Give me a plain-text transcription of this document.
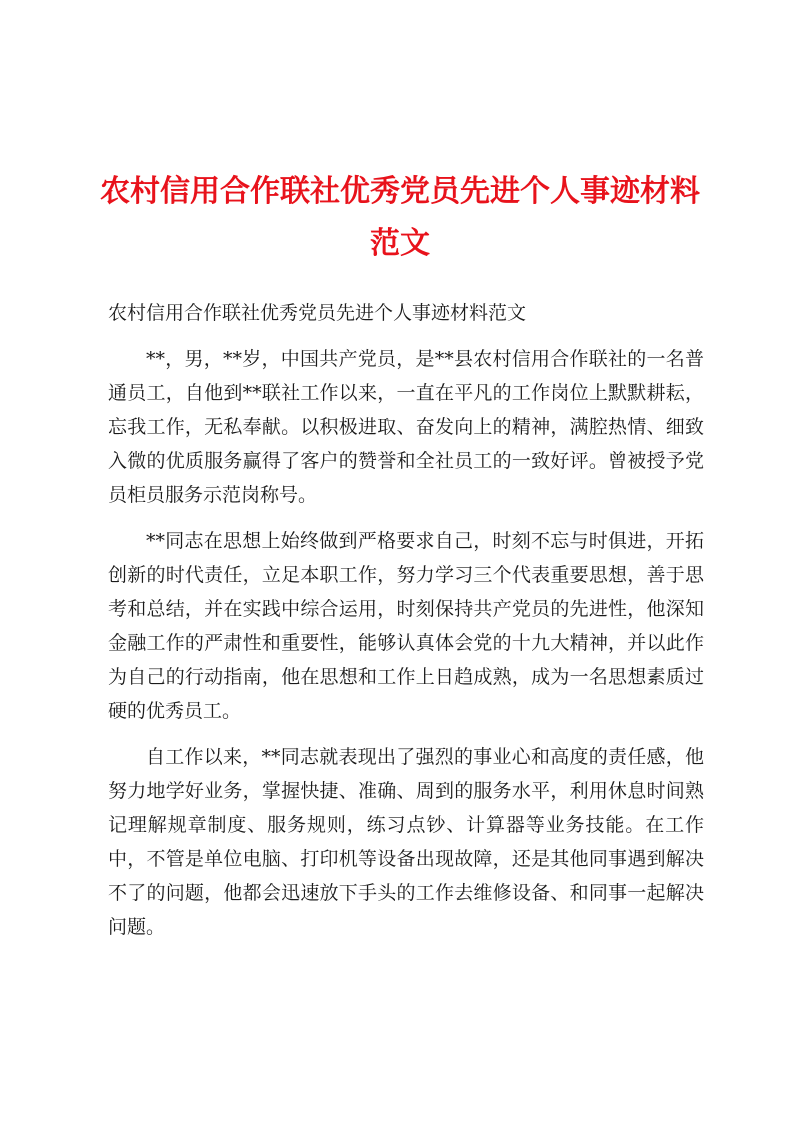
农村信用合作联社优秀党员先进个人事迹材料范文

农村信用合作联社优秀党员先进个人事迹材料范文

**，男，**岁，中国共产党员，是**县农村信用合作联社的一名普通员工，自他到**联社工作以来，一直在平凡的工作岗位上默默耕耘，忘我工作，无私奉献。以积极进取、奋发向上的精神，满腔热情、细致入微的优质服务赢得了客户的赞誉和全社员工的一致好评。曾被授予党员柜员服务示范岗称号。

**同志在思想上始终做到严格要求自己，时刻不忘与时俱进，开拓创新的时代责任，立足本职工作，努力学习三个代表重要思想，善于思考和总结，并在实践中综合运用，时刻保持共产党员的先进性，他深知金融工作的严肃性和重要性，能够认真体会党的十九大精神，并以此作为自己的行动指南，他在思想和工作上日趋成熟，成为一名思想素质过硬的优秀员工。

自工作以来，**同志就表现出了强烈的事业心和高度的责任感，他努力地学好业务，掌握快捷、准确、周到的服务水平，利用休息时间熟记理解规章制度、服务规则，练习点钞、计算器等业务技能。在工作中，不管是单位电脑、打印机等设备出现故障，还是其他同事遇到解决不了的问题，他都会迅速放下手头的工作去维修设备、和同事一起解决问题。
